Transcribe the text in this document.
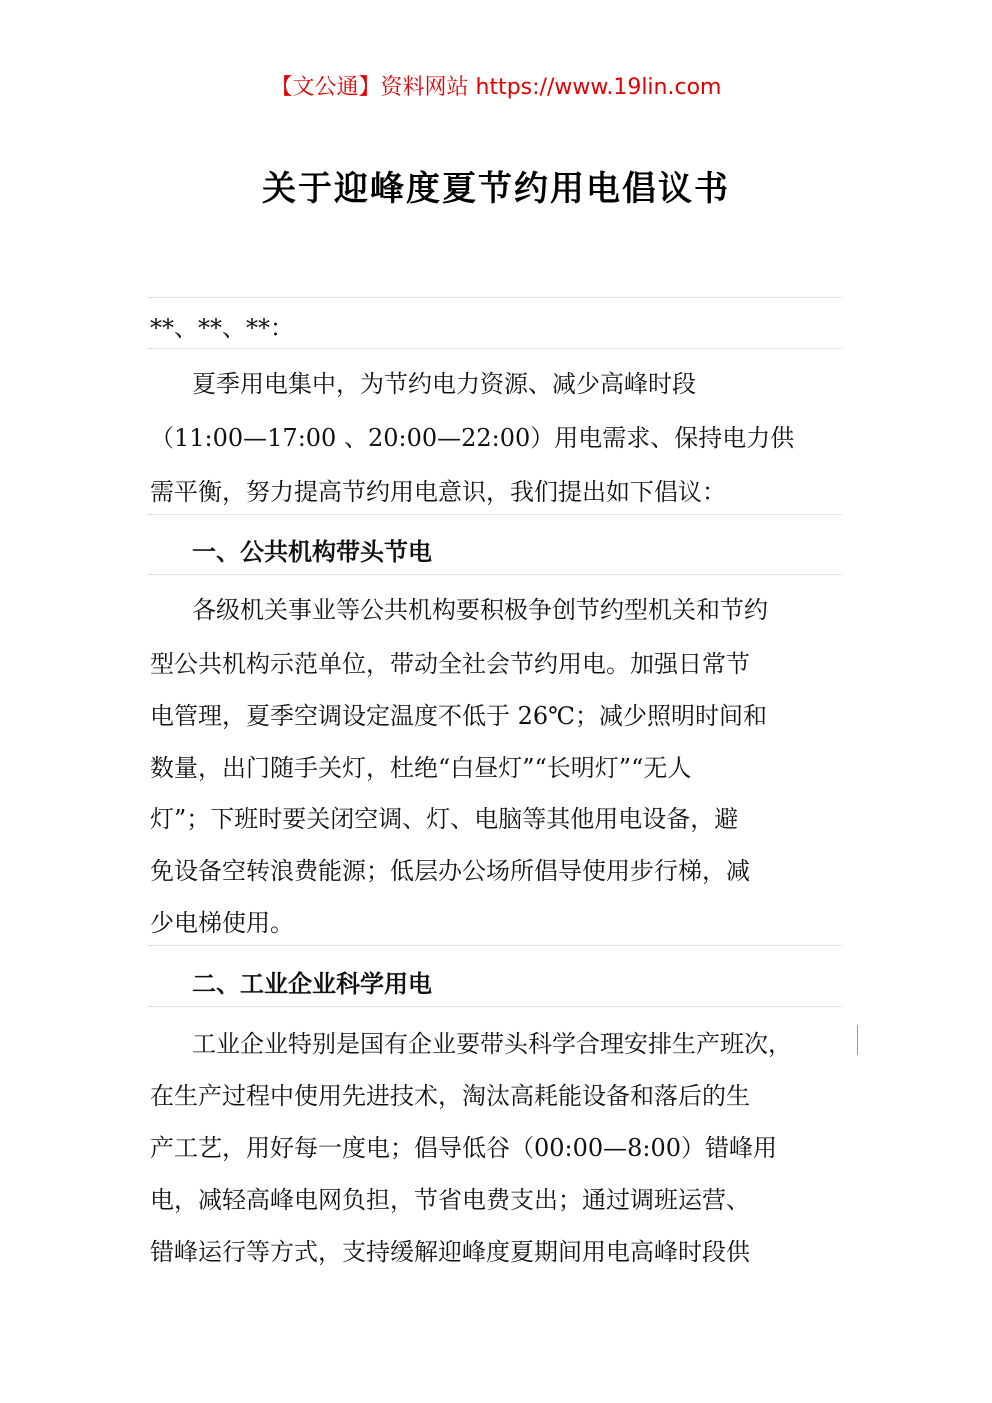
【文公通】资料网站 https://www.19lin.com
关于迎峰度夏节约用电倡议书
**、**、**：
夏季用电集中，为节约电力资源、减少高峰时段
（11:00—17:00 、20:00—22:00）用电需求、保持电力供
需平衡，努力提高节约用电意识，我们提出如下倡议：
一、公共机构带头节电
各级机关事业等公共机构要积极争创节约型机关和节约
型公共机构示范单位，带动全社会节约用电。加强日常节
电管理，夏季空调设定温度不低于 26℃；减少照明时间和
数量，出门随手关灯，杜绝“白昼灯”“长明灯”“无人
灯”；下班时要关闭空调、灯、电脑等其他用电设备，避
免设备空转浪费能源；低层办公场所倡导使用步行梯，减
少电梯使用。
二、工业企业科学用电
工业企业特别是国有企业要带头科学合理安排生产班次，
在生产过程中使用先进技术，淘汰高耗能设备和落后的生
产工艺，用好每一度电；倡导低谷（00:00—8:00）错峰用
电，减轻高峰电网负担，节省电费支出；通过调班运营、
错峰运行等方式，支持缓解迎峰度夏期间用电高峰时段供
